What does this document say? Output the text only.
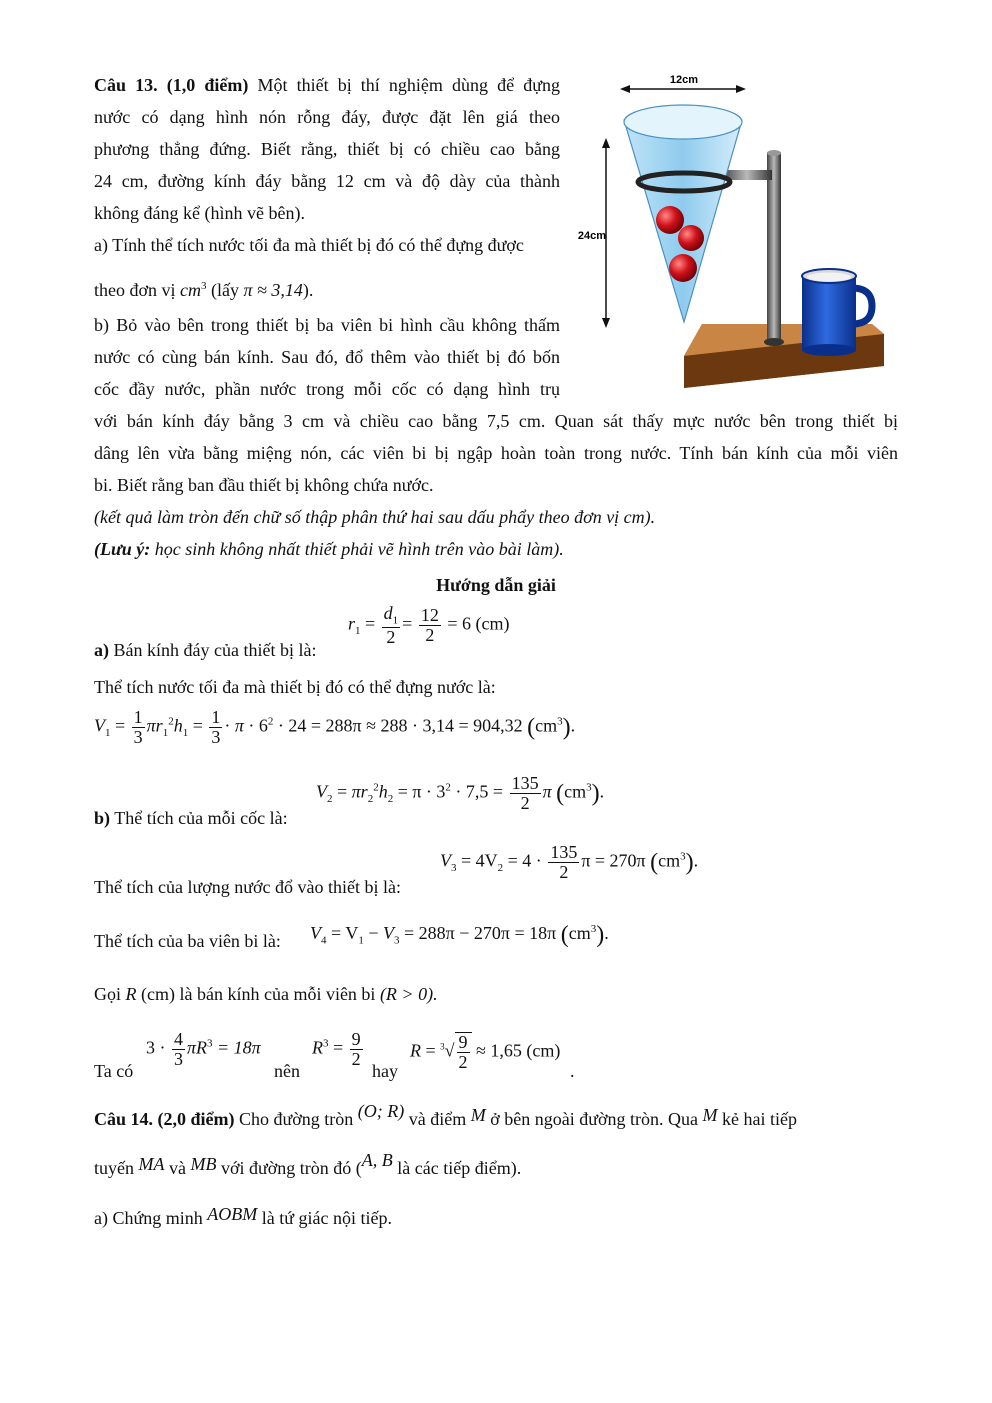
Câu 13. (1,0 điểm) Một thiết bị thí nghiệm dùng để đựng
nước có dạng hình nón rỗng đáy, được đặt lên giá theo
phương thẳng đứng. Biết rằng, thiết bị có chiều cao bằng
24 cm, đường kính đáy bằng 12 cm và độ dày của thành
không đáng kể (hình vẽ bên).
a) Tính thể tích nước tối đa mà thiết bị đó có thể đựng được
theo đơn vị $cm^3$ (lấy π ≈ 3,14).
b) Bỏ vào bên trong thiết bị ba viên bi hình cầu không thấm
nước có cùng bán kính. Sau đó, đổ thêm vào thiết bị đó bốn
cốc đầy nước, phần nước trong mỗi cốc có dạng hình trụ
với bán kính đáy bằng 3 cm và chiều cao bằng 7,5 cm. Quan sát thấy mực nước bên trong thiết bị
dâng lên vừa bằng miệng nón, các viên bi bị ngập hoàn toàn trong nước. Tính bán kính của mỗi viên
bi. Biết rằng ban đầu thiết bị không chứa nước.
(kết quả làm tròn đến chữ số thập phân thứ hai sau dấu phẩy theo đơn vị cm).
(Lưu ý: học sinh không nhất thiết phải vẽ hình trên vào bài làm).
12cm
24cm
Hướng dẫn giải
a) Bán kính đáy của thiết bị là:
$r_1 = \frac{d_1}{2} = \frac{12}{2} = 6$ (cm)
Thể tích nước tối đa mà thiết bị đó có thể đựng nước là:
$V_1 = \frac{1}{3} \pi r_1^2h_1 = \frac{1}{3} \cdot \pi \cdot 6^2 \cdot 24 = 288\pi \approx 288 \cdot 3,14 = 904,32$ $(cm^3)$.
b) Thể tích của mỗi cốc là:
$V_2 = \pi r_2^2h_2 = \pi \cdot 3^2 \cdot 7,5 = \frac{135}{2}$ π $(cm^3)$.
Thể tích của lượng nước đổ vào thiết bị là:
$V_3 = 4V_2 = 4 \cdot \frac{135}{2}$ π = 270π $(cm^3)$.
Thể tích của ba viên bi là: $V_4 = V_1 - V_3 = 288\pi - 270\pi = 18\pi$ $(cm^3)$.
Gọi R (cm) là bán kính của mỗi viên bi (R > 0).
Ta có
$3 \cdot \frac{4}{3} \pi R^3 = 18\pi$
nên
$R^3 = \frac{9}{2}$
hay
$R = ^3√ \frac{9}{2} \approx 1,65$ (cm)
.
Câu 14. (2,0 điểm) Cho đường tròn (O; R) và điểm M ở bên ngoài đường tròn. Qua M kẻ hai tiếp
tuyến MA và MB với đường tròn đó (A, B là các tiếp điểm).
a) Chứng minh AOBM là tứ giác nội tiếp.
